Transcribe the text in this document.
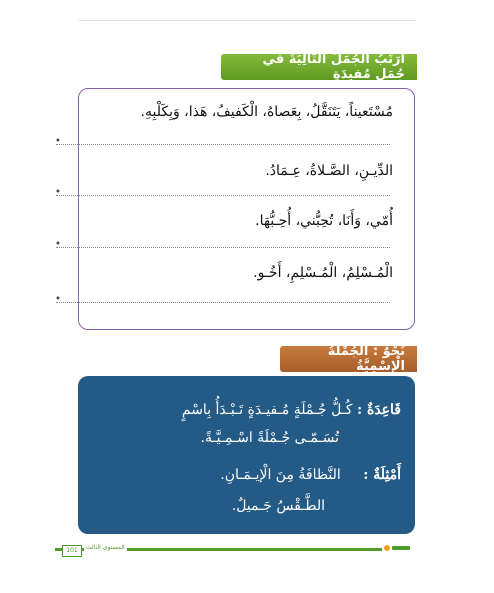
أُرَتِّبُ الجُمَلَ التّالِيَةَ في جُمَلٍ مُفيدَةٍ
مُسْتَعيناً، يَتَنَقَّلُ، بِعَصاهُ، الْكَفيفُ، هَذا، وَبِكَلْبِهِ.
•
الدِّيـنِ، الصَّـلاةُ، عِـمَادُ.
•
أُمّي، وَأَنَا، تُحِبُّني، أُحِـبُّهَا.
•
الْمُـسْلِمُ، الْمُـسْلِمِ، أَخُـو.
•
نَحْوٌ : الْجُمْلَةُ الْإِسْمِيَّةُ
قَاعِدَةٌ : كُـلُّ جُـمْلَةٍ مُـفيـدَةٍ تَـبْـدَأُ بِاسْمٍ
تُسَـمّـى جُـمْلَةً اسْـمِـيَّـةً.
أَمْثِلَةٌ : النَّظافَةُ مِنَ الْإيـمَـانِ.
الطَّـقْسُ جَـميلٌ.
101	المستوى الثالث
